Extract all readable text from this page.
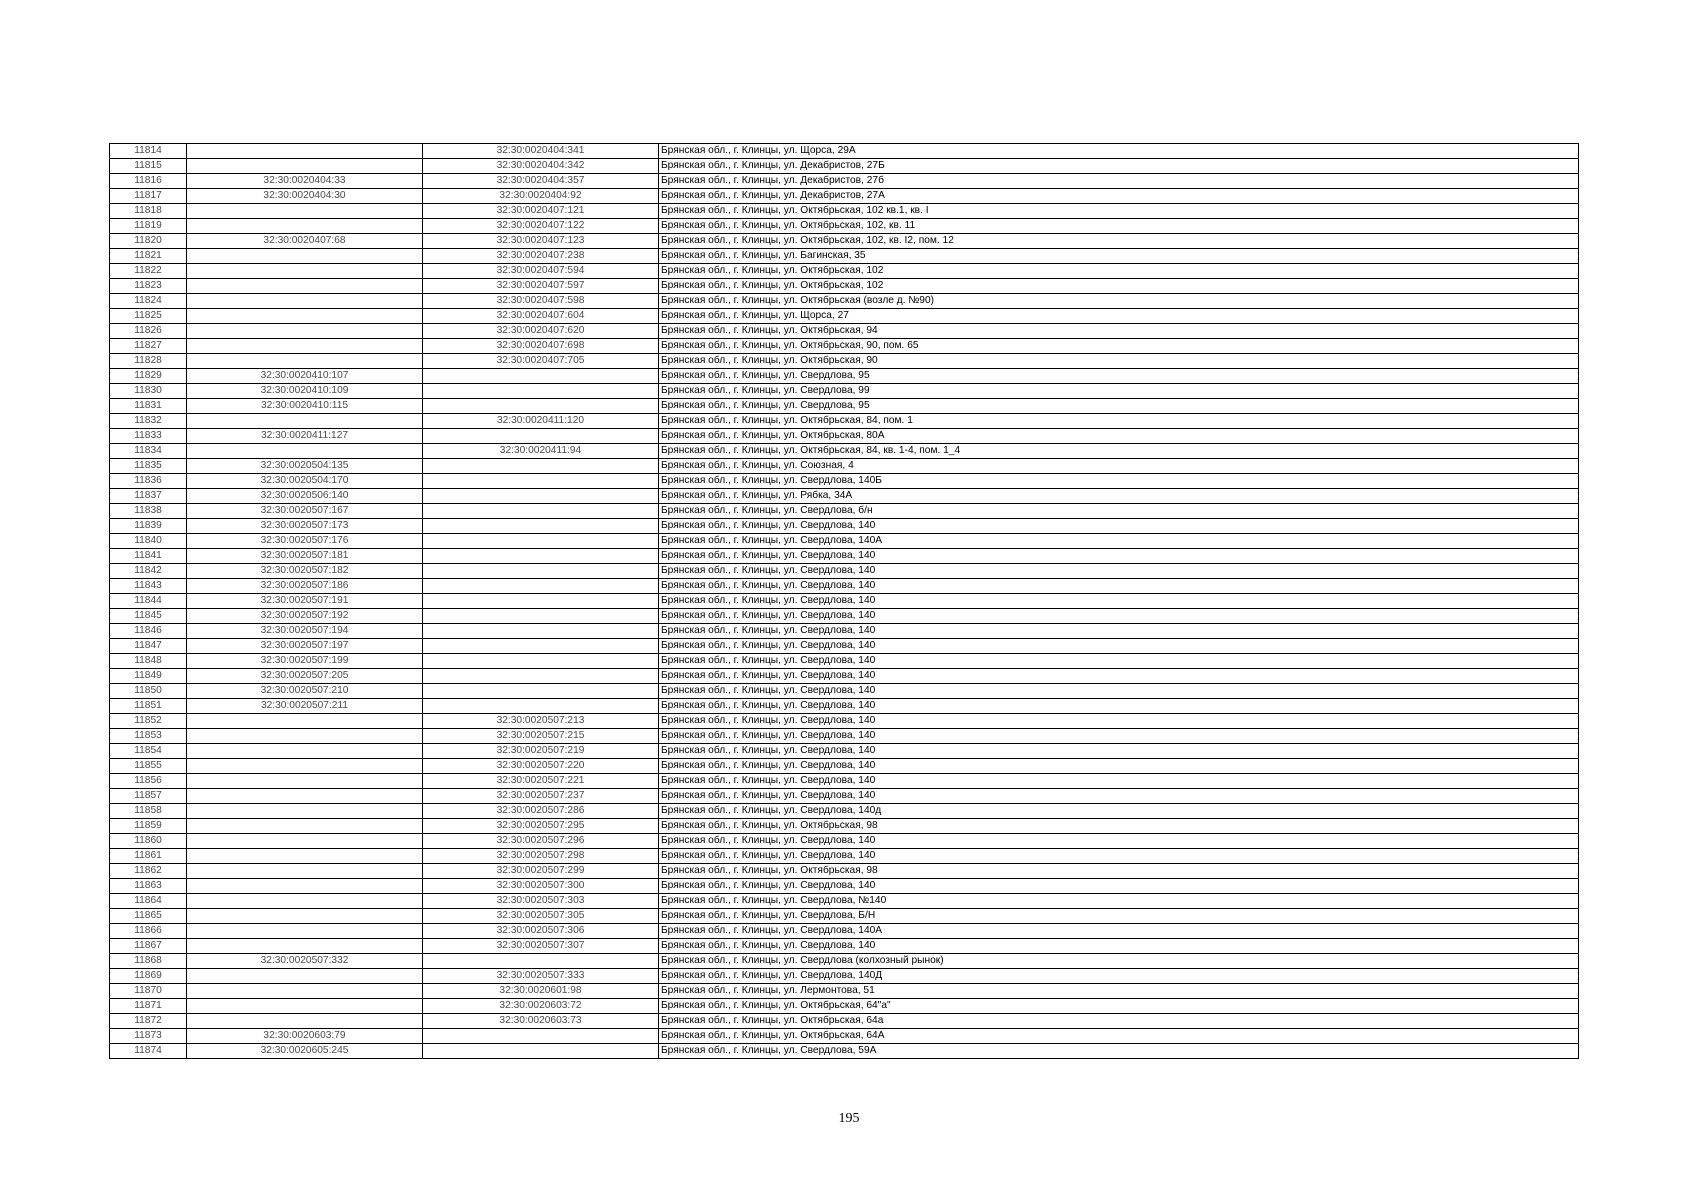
11814		32:30:0020404:341	Брянская обл., г. Клинцы, ул. Щорса, 29А
11815		32:30:0020404:342	Брянская обл., г. Клинцы, ул. Декабристов, 27Б
11816	32:30:0020404:33	32:30:0020404:357	Брянская обл., г. Клинцы, ул. Декабристов, 27б
11817	32:30:0020404:30	32:30:0020404:92	Брянская обл., г. Клинцы, ул. Декабристов, 27А
11818		32:30:0020407:121	Брянская обл., г. Клинцы, ул. Октябрьская, 102 кв.1, кв. I
11819		32:30:0020407:122	Брянская обл., г. Клинцы, ул. Октябрьская, 102, кв. 11
11820	32:30:0020407:68	32:30:0020407:123	Брянская обл., г. Клинцы, ул. Октябрьская, 102, кв. I2, пом. 12
11821		32:30:0020407:238	Брянская обл., г. Клинцы, ул. Багинская, 35
11822		32:30:0020407:594	Брянская обл., г. Клинцы, ул. Октябрьская, 102
11823		32:30:0020407:597	Брянская обл., г. Клинцы, ул. Октябрьская, 102
11824		32:30:0020407:598	Брянская обл., г. Клинцы, ул. Октябрьская (возле д. №90)
11825		32:30:0020407:604	Брянская обл., г. Клинцы, ул. Щорса, 27
11826		32:30:0020407:620	Брянская обл., г. Клинцы, ул. Октябрьская, 94
11827		32:30:0020407:698	Брянская обл., г. Клинцы, ул. Октябрьская, 90, пом. 65
11828		32:30:0020407:705	Брянская обл., г. Клинцы, ул. Октябрьская, 90
11829	32:30:0020410:107		Брянская обл., г. Клинцы, ул. Свердлова, 95
11830	32:30:0020410:109		Брянская обл., г. Клинцы, ул. Свердлова, 99
11831	32:30:0020410:115		Брянская обл., г. Клинцы, ул. Свердлова, 95
11832		32:30:0020411:120	Брянская обл., г. Клинцы, ул. Октябрьская, 84, пом. 1
11833	32:30:0020411:127		Брянская обл., г. Клинцы, ул. Октябрьская, 80А
11834		32:30:0020411:94	Брянская обл., г. Клинцы, ул. Октябрьская, 84, кв. 1-4, пом. 1_4
11835	32:30:0020504:135		Брянская обл., г. Клинцы, ул. Союзная, 4
11836	32:30:0020504:170		Брянская обл., г. Клинцы, ул. Свердлова, 140Б
11837	32:30:0020506:140		Брянская обл., г. Клинцы, ул. Рябка, 34А
11838	32:30:0020507:167		Брянская обл., г. Клинцы, ул. Свердлова, б/н
11839	32:30:0020507:173		Брянская обл., г. Клинцы, ул. Свердлова, 140
11840	32:30:0020507:176		Брянская обл., г. Клинцы, ул. Свердлова, 140А
11841	32:30:0020507:181		Брянская обл., г. Клинцы, ул. Свердлова, 140
11842	32:30:0020507:182		Брянская обл., г. Клинцы, ул. Свердлова, 140
11843	32:30:0020507:186		Брянская обл., г. Клинцы, ул. Свердлова, 140
11844	32:30:0020507:191		Брянская обл., г. Клинцы, ул. Свердлова, 140
11845	32:30:0020507:192		Брянская обл., г. Клинцы, ул. Свердлова, 140
11846	32:30:0020507:194		Брянская обл., г. Клинцы, ул. Свердлова, 140
11847	32:30:0020507:197		Брянская обл., г. Клинцы, ул. Свердлова, 140
11848	32:30:0020507:199		Брянская обл., г. Клинцы, ул. Свердлова, 140
11849	32:30:0020507:205		Брянская обл., г. Клинцы, ул. Свердлова, 140
11850	32:30:0020507:210		Брянская обл., г. Клинцы, ул. Свердлова, 140
11851	32:30:0020507:211		Брянская обл., г. Клинцы, ул. Свердлова, 140
11852		32:30:0020507:213	Брянская обл., г. Клинцы, ул. Свердлова, 140
11853		32:30:0020507:215	Брянская обл., г. Клинцы, ул. Свердлова, 140
11854		32:30:0020507:219	Брянская обл., г. Клинцы, ул. Свердлова, 140
11855		32:30:0020507:220	Брянская обл., г. Клинцы, ул. Свердлова, 140
11856		32:30:0020507:221	Брянская обл., г. Клинцы, ул. Свердлова, 140
11857		32:30:0020507:237	Брянская обл., г. Клинцы, ул. Свердлова, 140
11858		32:30:0020507:286	Брянская обл., г. Клинцы, ул. Свердлова, 140д
11859		32:30:0020507:295	Брянская обл., г. Клинцы, ул. Октябрьская, 98
11860		32:30:0020507:296	Брянская обл., г. Клинцы, ул. Свердлова, 140
11861		32:30:0020507:298	Брянская обл., г. Клинцы, ул. Свердлова, 140
11862		32:30:0020507:299	Брянская обл., г. Клинцы, ул. Октябрьская, 98
11863		32:30:0020507:300	Брянская обл., г. Клинцы, ул. Свердлова, 140
11864		32:30:0020507:303	Брянская обл., г. Клинцы, ул. Свердлова, №140
11865		32:30:0020507:305	Брянская обл., г. Клинцы, ул. Свердлова, Б/Н
11866		32:30:0020507:306	Брянская обл., г. Клинцы, ул. Свердлова, 140А
11867		32:30:0020507:307	Брянская обл., г. Клинцы, ул. Свердлова, 140
11868	32:30:0020507:332		Брянская обл., г. Клинцы, ул. Свердлова (колхозный рынок)
11869		32:30:0020507:333	Брянская обл., г. Клинцы, ул. Свердлова, 140Д
11870		32:30:0020601:98	Брянская обл., г. Клинцы, ул. Лермонтова, 51
11871		32:30:0020603:72	Брянская обл., г. Клинцы, ул. Октябрьская, 64"а"
11872		32:30:0020603:73	Брянская обл., г. Клинцы, ул. Октябрьская, 64а
11873	32:30:0020603:79		Брянская обл., г. Клинцы, ул. Октябрьская, 64А
11874	32:30:0020605:245		Брянская обл., г. Клинцы, ул. Свердлова, 59А
195
